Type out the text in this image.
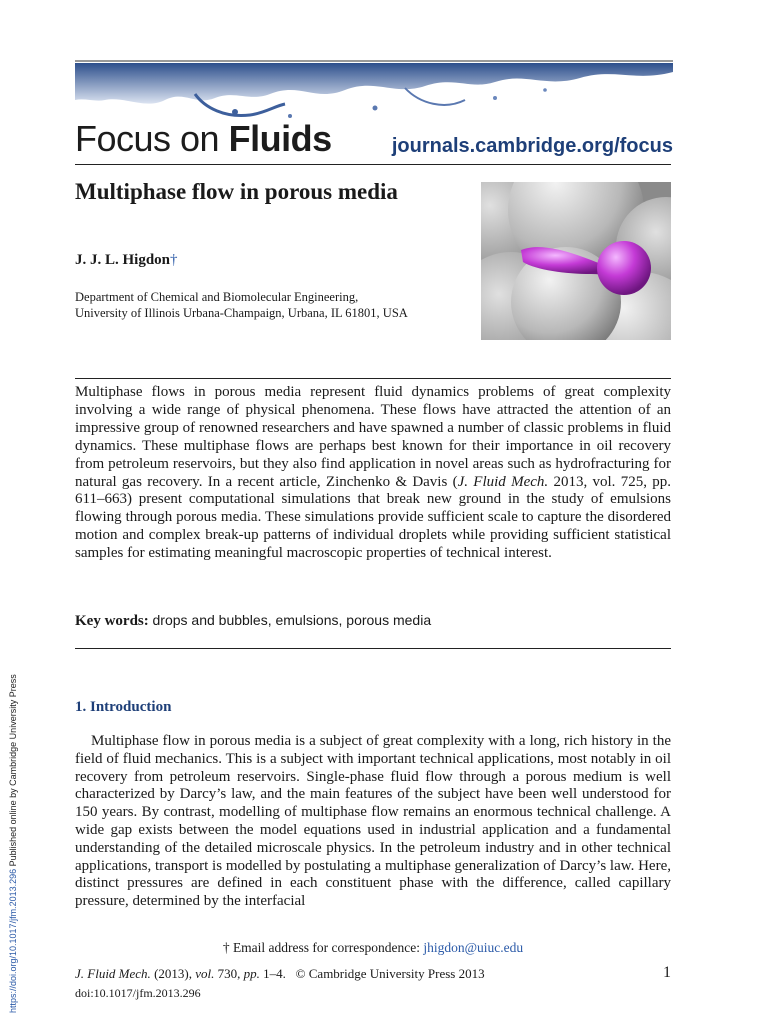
Focus on Fluids	journals.cambridge.org/focus
Multiphase flow in porous media

J. J. L. Higdon†

Department of Chemical and Biomolecular Engineering,
University of Illinois Urbana-Champaign, Urbana, IL 61801, USA

Multiphase flows in porous media represent fluid dynamics problems of great complexity involving a wide range of physical phenomena. These flows have attracted the attention of an impressive group of renowned researchers and have spawned a number of classic problems in fluid dynamics. These multiphase flows are perhaps best known for their importance in oil recovery from petroleum reservoirs, but they also find application in novel areas such as hydrofracturing for natural gas recovery. In a recent article, Zinchenko & Davis (J. Fluid Mech. 2013, vol. 725, pp. 611–663) present computational simulations that break new ground in the study of emulsions flowing through porous media. These simulations provide sufficient scale to capture the disordered motion and complex break-up patterns of individual droplets while providing sufficient statistical samples for estimating meaningful macroscopic properties of technical interest.

Key words: drops and bubbles, emulsions, porous media

1. Introduction

Multiphase flow in porous media is a subject of great complexity with a long, rich history in the field of fluid mechanics. This is a subject with important technical applications, most notably in oil recovery from petroleum reservoirs. Single-phase fluid flow through a porous medium is well characterized by Darcy’s law, and the main features of the subject have been well understood for 150 years. By contrast, modelling of multiphase flow remains an enormous technical challenge. A wide gap exists between the model equations used in industrial application and a fundamental understanding of the detailed microscale physics. In the petroleum industry and in other technical applications, transport is modelled by postulating a multiphase generalization of Darcy’s law. Here, distinct pressures are defined in each constituent phase with the difference, called capillary pressure, determined by the interfacial

† Email address for correspondence: jhigdon@uiuc.edu
J. Fluid Mech. (2013), vol. 730, pp. 1–4. © Cambridge University Press 2013	1
doi:10.1017/jfm.2013.296
https://doi.org/10.1017/jfm.2013.296 Published online by Cambridge University Press
